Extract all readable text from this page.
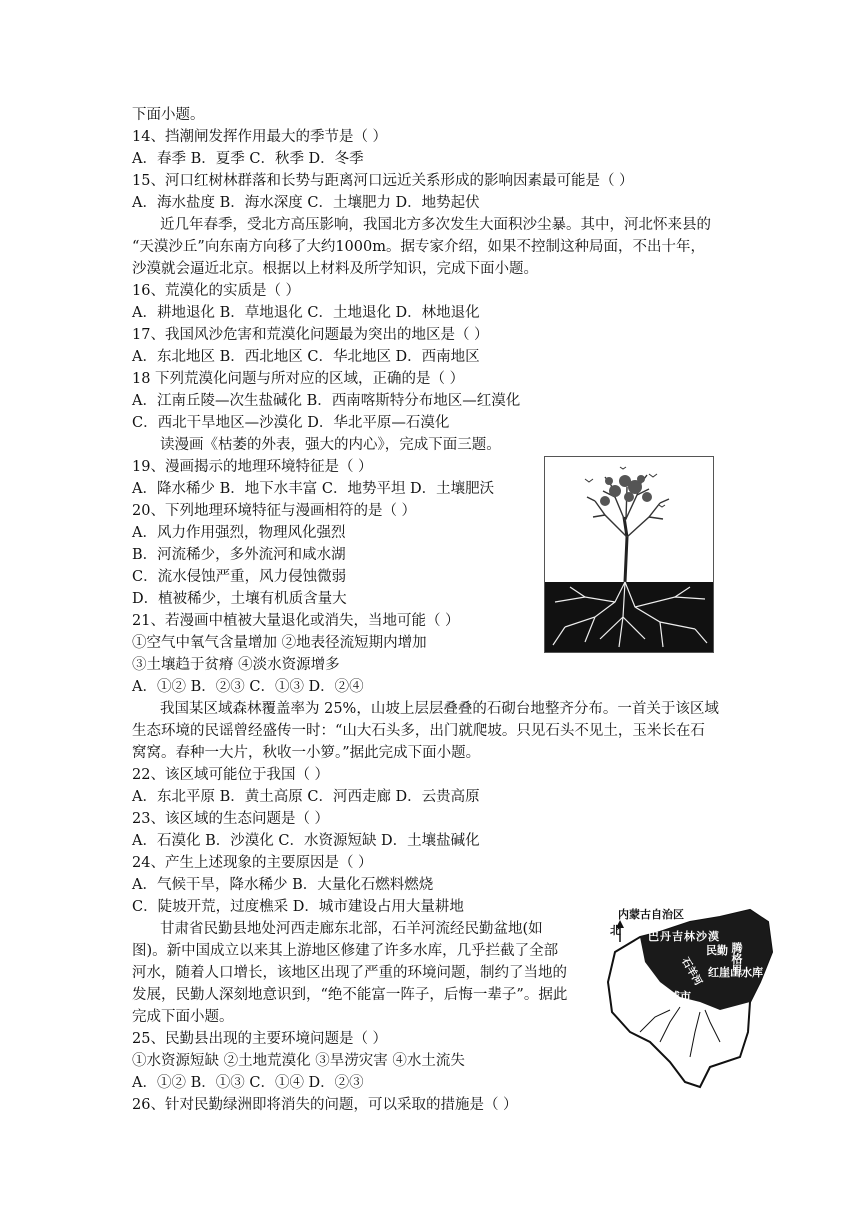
下面小题。
14、挡潮闸发挥作用最大的季节是（ ）
A．春季 B．夏季 C．秋季 D．冬季
15、河口红树林群落和长势与距离河口远近关系形成的影响因素最可能是（ ）
A．海水盐度 B．海水深度 C．土壤肥力 D．地势起伏
近几年春季，受北方高压影响，我国北方多次发生大面积沙尘暴。其中，河北怀来县的
“天漠沙丘”向东南方向移了大约1000m。据专家介绍，如果不控制这种局面，不出十年，
沙漠就会逼近北京。根据以上材料及所学知识，完成下面小题。
16、荒漠化的实质是（ ）
A．耕地退化 B．草地退化 C．土地退化 D．林地退化
17、我国风沙危害和荒漠化问题最为突出的地区是（ ）
A．东北地区 B．西北地区 C．华北地区 D．西南地区
18 下列荒漠化问题与所对应的区域，正确的是（ ）
A．江南丘陵—次生盐碱化 B．西南喀斯特分布地区—红漠化
C．西北干旱地区—沙漠化 D．华北平原—石漠化
读漫画《枯萎的外表，强大的内心》，完成下面三题。
19、漫画揭示的地理环境特征是（ ）
A．降水稀少 B．地下水丰富 C．地势平坦 D．土壤肥沃
20、下列地理环境特征与漫画相符的是（ ）
A．风力作用强烈，物理风化强烈
B．河流稀少，多外流河和咸水湖
C．流水侵蚀严重，风力侵蚀微弱
D．植被稀少，土壤有机质含量大
21、若漫画中植被大量退化或消失，当地可能（ ）
①空气中氧气含量增加 ②地表径流短期内增加
③土壤趋于贫瘠 ④淡水资源增多
A．①② B．②③ C．①③ D．②④
我国某区域森林覆盖率为 25%，山坡上层层叠叠的石砌台地整齐分布。一首关于该区域
生态环境的民谣曾经盛传一时：“山大石头多，出门就爬坡。只见石头不见土，玉米长在石
窝窝。春种一大片，秋收一小箩。”据此完成下面小题。
22、该区域可能位于我国（ ）
A．东北平原 B．黄土高原 C．河西走廊 D．云贵高原
23、该区域的生态问题是（ ）
A．石漠化 B．沙漠化 C．水资源短缺 D．土壤盐碱化
24、产生上述现象的主要原因是（ ）
A．气候干旱，降水稀少 B．大量化石燃料燃烧
C．陡坡开荒，过度樵采 D．城市建设占用大量耕地
甘肃省民勤县地处河西走廊东北部，石羊河流经民勤盆地(如
图)。新中国成立以来其上游地区修建了许多水库，几乎拦截了全部
河水，随着人口增长，该地区出现了严重的环境问题，制约了当地的
发展，民勤人深刻地意识到，“绝不能富一阵子，后悔一辈子”。据此
完成下面小题。
25、民勤县出现的主要环境问题是（ ）
①水资源短缺 ②土地荒漠化 ③旱涝灾害 ④水土流失
A．①② B．①③ C．①④ D．②③
26、针对民勤绿洲即将消失的问题，可以采取的措施是（ ）
北
内蒙古自治区
巴丹吉林沙漠
腾格里
民勤
石羊河 红崖山水库
武威市
